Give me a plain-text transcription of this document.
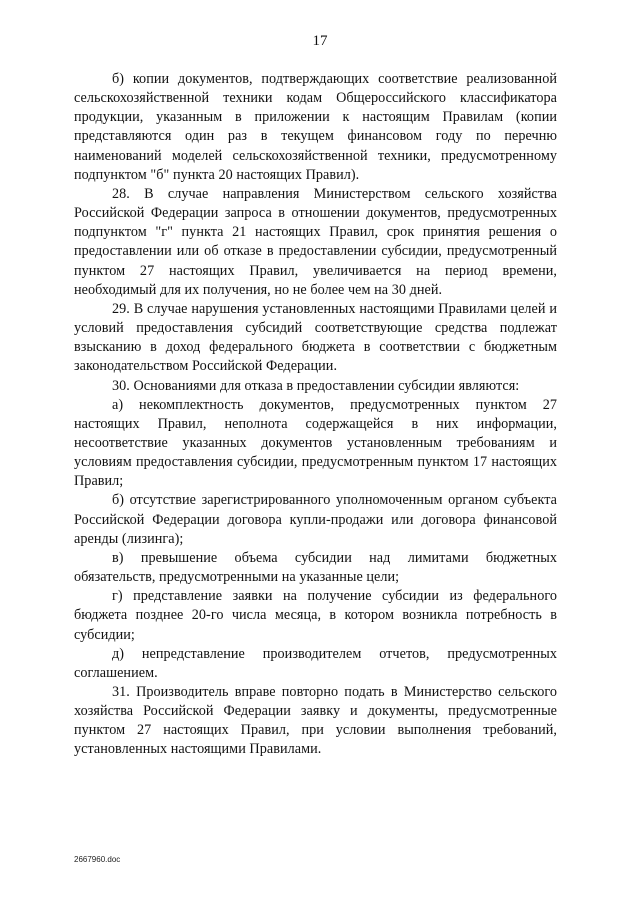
17

б) копии документов, подтверждающих соответствие реализованной сельскохозяйственной техники кодам Общероссийского классификатора продукции, указанным в приложении к настоящим Правилам (копии представляются один раз в текущем финансовом году по перечню наименований моделей сельскохозяйственной техники, предусмотренному подпунктом "б" пункта 20 настоящих Правил).

28. В случае направления Министерством сельского хозяйства Российской Федерации запроса в отношении документов, предусмотренных подпунктом "г" пункта 21 настоящих Правил, срок принятия решения о предоставлении или об отказе в предоставлении субсидии, предусмотренный пунктом 27 настоящих Правил, увеличивается на период времени, необходимый для их получения, но не более чем на 30 дней.

29. В случае нарушения установленных настоящими Правилами целей и условий предоставления субсидий соответствующие средства подлежат взысканию в доход федерального бюджета в соответствии с бюджетным законодательством Российской Федерации.

30. Основаниями для отказа в предоставлении субсидии являются:

а) некомплектность документов, предусмотренных пунктом 27 настоящих Правил, неполнота содержащейся в них информации, несоответствие указанных документов установленным требованиям и условиям предоставления субсидии, предусмотренным пунктом 17 настоящих Правил;

б) отсутствие зарегистрированного уполномоченным органом субъекта Российской Федерации договора купли-продажи или договора финансовой аренды (лизинга);

в) превышение объема субсидии над лимитами бюджетных обязательств, предусмотренными на указанные цели;

г) представление заявки на получение субсидии из федерального бюджета позднее 20-го числа месяца, в котором возникла потребность в субсидии;

д) непредставление производителем отчетов, предусмотренных соглашением.

31. Производитель вправе повторно подать в Министерство сельского хозяйства Российской Федерации заявку и документы, предусмотренные пунктом 27 настоящих Правил, при условии выполнения требований, установленных настоящими Правилами.

2667960.doc
